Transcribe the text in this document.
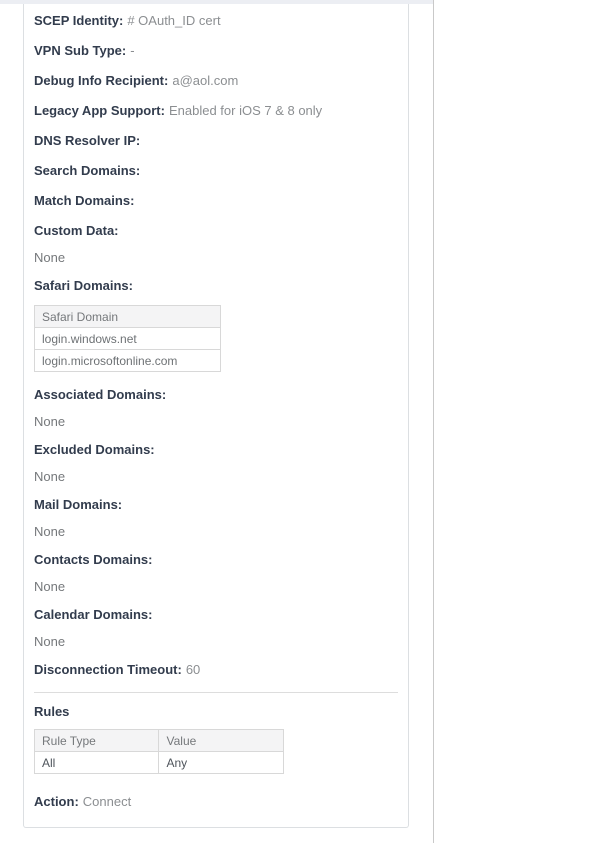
SCEP Identity: # OAuth_ID cert

VPN Sub Type: -

Debug Info Recipient: a@aol.com

Legacy App Support: Enabled for iOS 7 & 8 only

DNS Resolver IP:

Search Domains:

Match Domains:

Custom Data:

None

Safari Domains:

Safari Domain
login.windows.net
login.microsoftonline.com

Associated Domains:

None

Excluded Domains:

None

Mail Domains:

None

Contacts Domains:

None

Calendar Domains:

None

Disconnection Timeout: 60

Rules

Rule Type	Value
All	Any

Action: Connect
